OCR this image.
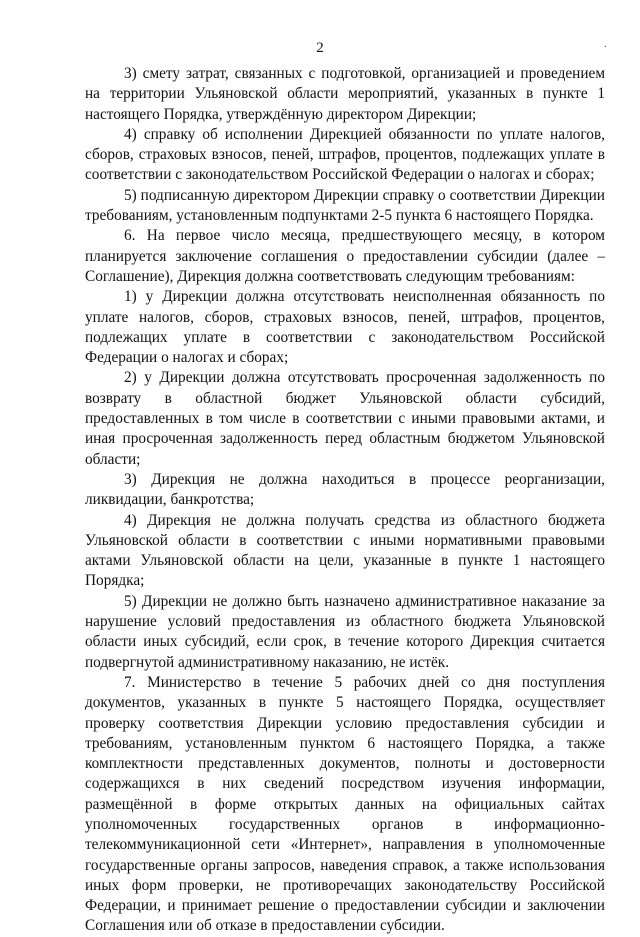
2	·

3) смету затрат, связанных с подготовкой, организацией и проведением на территории Ульяновской области мероприятий, указанных в пункте 1 настоящего Порядка, утверждённую директором Дирекции;

4) справку об исполнении Дирекцией обязанности по уплате налогов, сборов, страховых взносов, пеней, штрафов, процентов, подлежащих уплате в соответствии с законодательством Российской Федерации о налогах и сборах;

5) подписанную директором Дирекции справку о соответствии Дирекции требованиям, установленным подпунктами 2-5 пункта 6 настоящего Порядка.

6. На первое число месяца, предшествующего месяцу, в котором планируется заключение соглашения о предоставлении субсидии (далее – Соглашение), Дирекция должна соответствовать следующим требованиям:

1) у Дирекции должна отсутствовать неисполненная обязанность по уплате налогов, сборов, страховых взносов, пеней, штрафов, процентов, подлежащих уплате в соответствии с законодательством Российской Федерации о налогах и сборах;

2) у Дирекции должна отсутствовать просроченная задолженность по возврату в областной бюджет Ульяновской области субсидий, предоставленных в том числе в соответствии с иными правовыми актами, и иная просроченная задолженность перед областным бюджетом Ульяновской области;

3) Дирекция не должна находиться в процессе реорганизации, ликвидации, банкротства;

4) Дирекция не должна получать средства из областного бюджета Ульяновской области в соответствии с иными нормативными правовыми актами Ульяновской области на цели, указанные в пункте 1 настоящего Порядка;

5) Дирекции не должно быть назначено административное наказание за нарушение условий предоставления из областного бюджета Ульяновской области иных субсидий, если срок, в течение которого Дирекция считается подвергнутой административному наказанию, не истёк.

7. Министерство в течение 5 рабочих дней со дня поступления документов, указанных в пункте 5 настоящего Порядка, осуществляет проверку соответствия Дирекции условию предоставления субсидии и требованиям, установленным пунктом 6 настоящего Порядка, а также комплектности представленных документов, полноты и достоверности содержащихся в них сведений посредством изучения информации, размещённой в форме открытых данных на официальных сайтах уполномоченных государственных органов в информационно-телекоммуникационной сети «Интернет», направления в уполномоченные государственные органы запросов, наведения справок, а также использования иных форм проверки, не противоречащих законодательству Российской Федерации, и принимает решение о предоставлении субсидии и заключении Соглашения или об отказе в предоставлении субсидии.
